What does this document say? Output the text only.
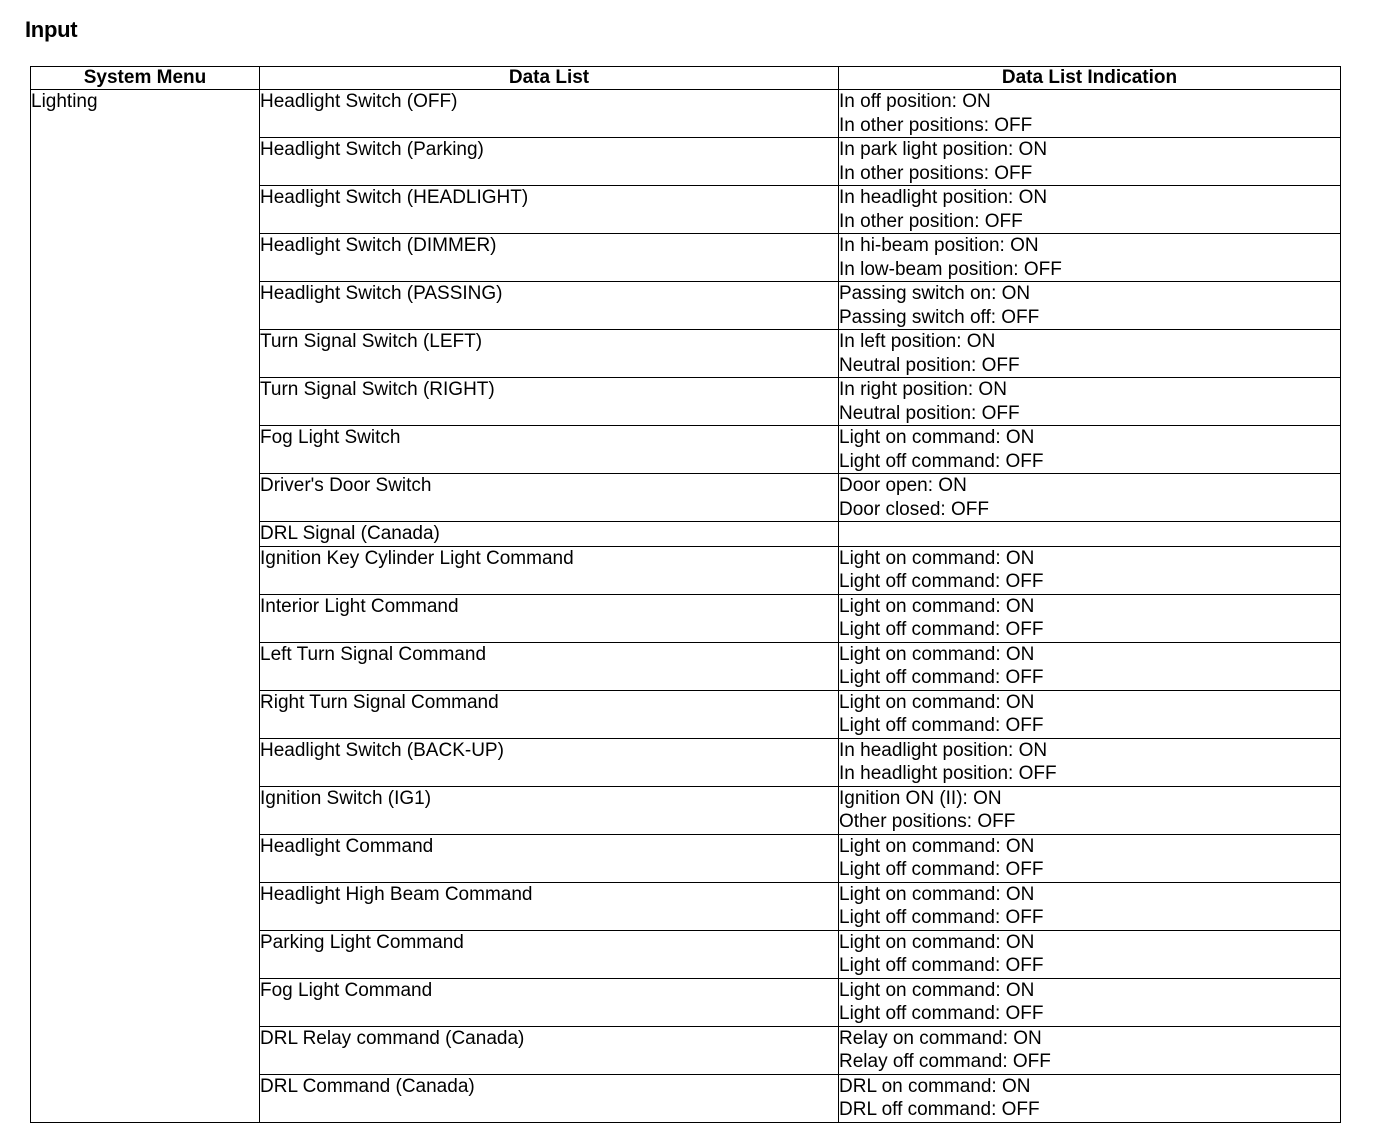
Input
System Menu	Data List	Data List Indication
Lighting	Headlight Switch (OFF)	In off position: ON
In other positions: OFF

	Headlight Switch (Parking)	In park light position: ON
In other positions: OFF

	Headlight Switch (HEADLIGHT)	In headlight position: ON
In other position: OFF

	Headlight Switch (DIMMER)	In hi-beam position: ON
In low-beam position: OFF

	Headlight Switch (PASSING)	Passing switch on: ON
Passing switch off: OFF

	Turn Signal Switch (LEFT)	In left position: ON
Neutral position: OFF

	Turn Signal Switch (RIGHT)	In right position: ON
Neutral position: OFF

	Fog Light Switch	Light on command: ON
Light off command: OFF

	Driver's Door Switch	Door open: ON
Door closed: OFF

	DRL Signal (Canada)	
	Ignition Key Cylinder Light Command	Light on command: ON
Light off command: OFF

	Interior Light Command	Light on command: ON
Light off command: OFF

	Left Turn Signal Command	Light on command: ON
Light off command: OFF

	Right Turn Signal Command	Light on command: ON
Light off command: OFF

	Headlight Switch (BACK-UP)	In headlight position: ON
In headlight position: OFF

	Ignition Switch (IG1)	Ignition ON (II): ON
Other positions: OFF

	Headlight Command	Light on command: ON
Light off command: OFF

	Headlight High Beam Command	Light on command: ON
Light off command: OFF

	Parking Light Command	Light on command: ON
Light off command: OFF

	Fog Light Command	Light on command: ON
Light off command: OFF

	DRL Relay command (Canada)	Relay on command: ON
Relay off command: OFF

	DRL Command (Canada)	DRL on command: ON
DRL off command: OFF
